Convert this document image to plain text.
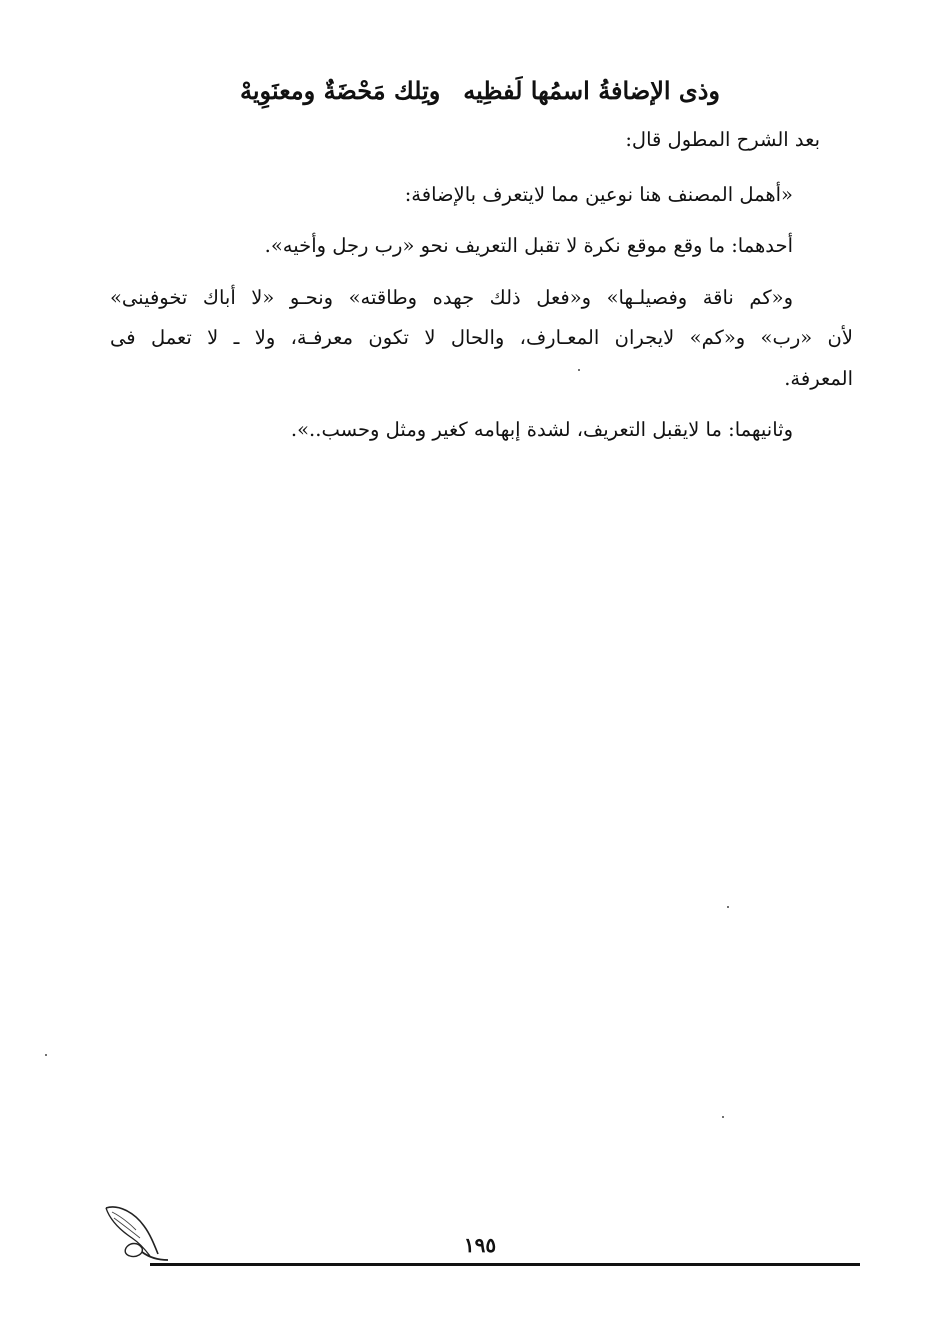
وذى الإضافةُ اسمُها لَفظِيه
وتِلك مَحْضَةٌ ومعنَوِيهْ
بعد الشرح المطول قال:
«أهمل المصنف هنا نوعين مما لايتعرف بالإضافة:
أحدهما: ما وقع موقع نكرة لا تقبل التعريف نحو «رب رجل وأخيه».
و«كم ناقة وفصيلـها» و«فعل ذلك جهده وطاقته» ونحـو «لا أباك تخوفينى»
لأن «رب» و«كم» لايجران المعـارف، والحال لا تكون معرفـة، ولا ـ لا تعمل فى
المعرفة.
وثانيهما: ما لايقبل التعريف، لشدة إبهامه كغير ومثل وحسب..».
١٩٥
